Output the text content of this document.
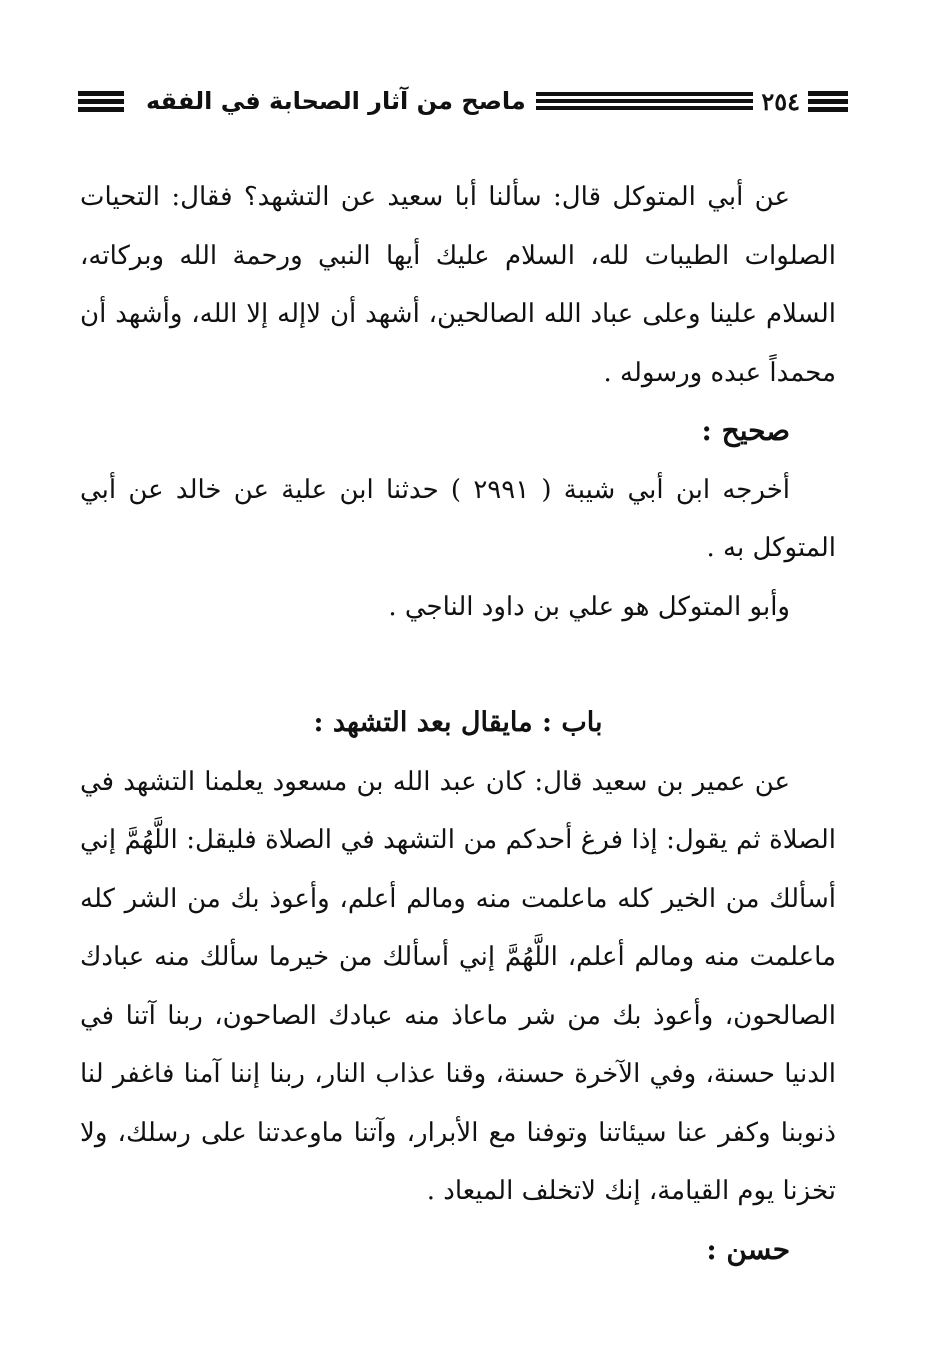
٢٥٤
ماصح من آثار الصحابة في الفقه

عن أبي المتوكل قال: سألنا أبا سعيد عن التشهد؟ فقال: التحيات الصلوات الطيبات لله، السلام عليك أيها النبي ورحمة الله وبركاته، السلام علينا وعلى عباد الله الصالحين، أشهد أن لاإله إلا الله، وأشهد أن محمداً عبده ورسوله .

صحيح :

أخرجه ابن أبي شيبة ( ٢٩٩١ ) حدثنا ابن علية عن خالد عن أبي المتوكل به .

وأبو المتوكل هو علي بن داود الناجي .

باب : مايقال بعد التشهد :

عن عمير بن سعيد قال: كان عبد الله بن مسعود يعلمنا التشهد في الصلاة ثم يقول: إذا فرغ أحدكم من التشهد في الصلاة فليقل: اللَّهُمَّ إني أسألك من الخير كله ماعلمت منه ومالم أعلم، وأعوذ بك من الشر كله ماعلمت منه ومالم أعلم، اللَّهُمَّ إني أسألك من خيرما سألك منه عبادك الصالحون، وأعوذ بك من شر ماعاذ منه عبادك الصاحون، ربنا آتنا في الدنيا حسنة، وفي الآخرة حسنة، وقنا عذاب النار، ربنا إننا آمنا فاغفر لنا ذنوبنا وكفر عنا سيئاتنا وتوفنا مع الأبرار، وآتنا ماوعدتنا على رسلك، ولا تخزنا يوم القيامة، إنك لاتخلف الميعاد .

حسن :
